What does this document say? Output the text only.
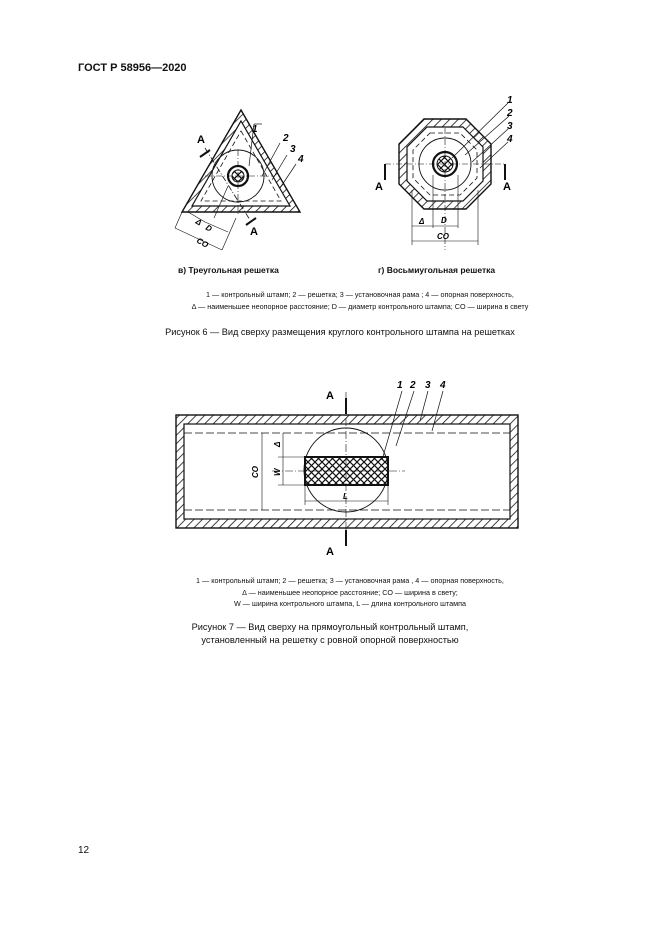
ГОСТ Р 58956—2020
1
2
3
4
А
А
Δ
D
CO
1
2
3
4
А	А
Δ D
CO
1 2 3 4
А
А
CO W
Δ
L
в) Треугольная решетка	г) Восьмиугольная решетка
1 — контрольный штамп; 2 — решетка; 3 — установочная рама ; 4 — опорная поверхность,
Δ — наименьшее неопорное расстояние; D — диаметр контрольного штампа; CO — ширина в свету
Рисунок 6 — Вид сверху размещения круглого контрольного штампа на решетках
1 — контрольный штамп; 2 — решетка; 3 — установочная рама , 4 — опорная поверхность,
Δ — наименьшее неопорное расстояние; CO — ширина в свету;
W — ширина контрольного штампа, L — длина контрольного штампа
Рисунок 7 — Вид сверху на прямоугольный контрольный штамп,
установленный на решетку с ровной опорной поверхностью
12
